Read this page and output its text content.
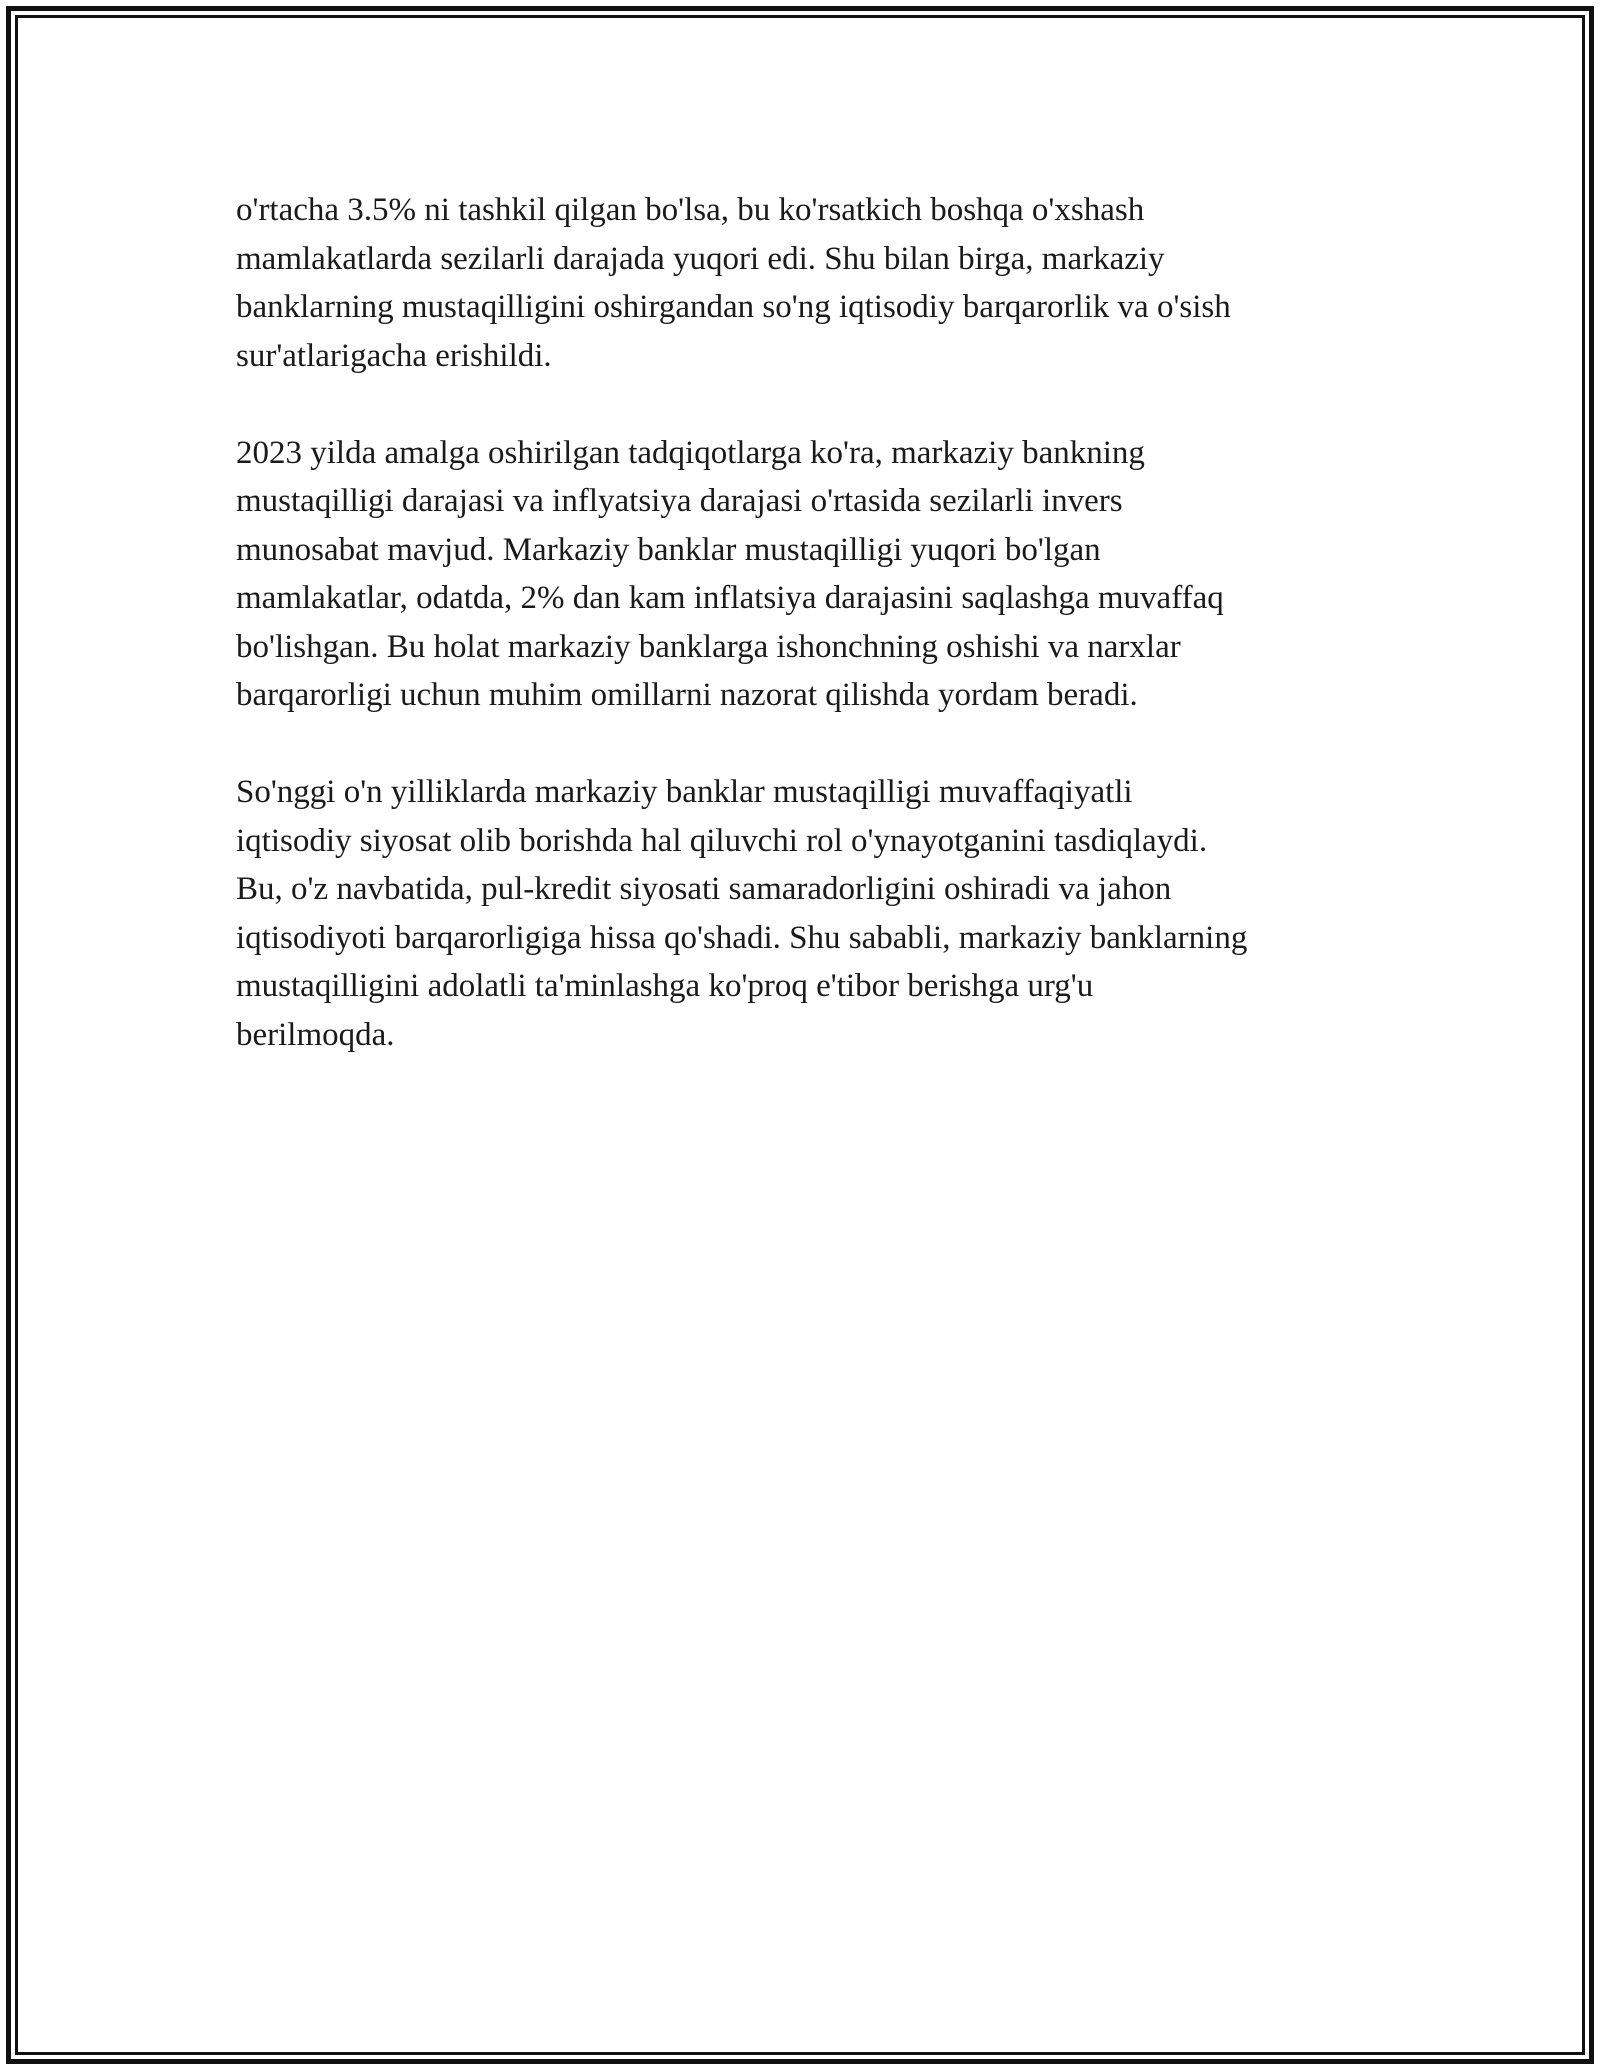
o'rtacha 3.5% ni tashkil qilgan bo'lsa, bu ko'rsatkich boshqa o'xshash
mamlakatlarda sezilarli darajada yuqori edi. Shu bilan birga, markaziy
banklarning mustaqilligini oshirgandan so'ng iqtisodiy barqarorlik va o'sish
sur'atlarigacha erishildi.

2023 yilda amalga oshirilgan tadqiqotlarga ko'ra, markaziy bankning
mustaqilligi darajasi va inflyatsiya darajasi o'rtasida sezilarli invers
munosabat mavjud. Markaziy banklar mustaqilligi yuqori bo'lgan
mamlakatlar, odatda, 2% dan kam inflatsiya darajasini saqlashga muvaffaq
bo'lishgan. Bu holat markaziy banklarga ishonchning oshishi va narxlar
barqarorligi uchun muhim omillarni nazorat qilishda yordam beradi.

So'nggi o'n yilliklarda markaziy banklar mustaqilligi muvaffaqiyatli
iqtisodiy siyosat olib borishda hal qiluvchi rol o'ynayotganini tasdiqlaydi.
Bu, o'z navbatida, pul-kredit siyosati samaradorligini oshiradi va jahon
iqtisodiyoti barqarorligiga hissa qo'shadi. Shu sababli, markaziy banklarning
mustaqilligini adolatli ta'minlashga ko'proq e'tibor berishga urg'u
berilmoqda.
